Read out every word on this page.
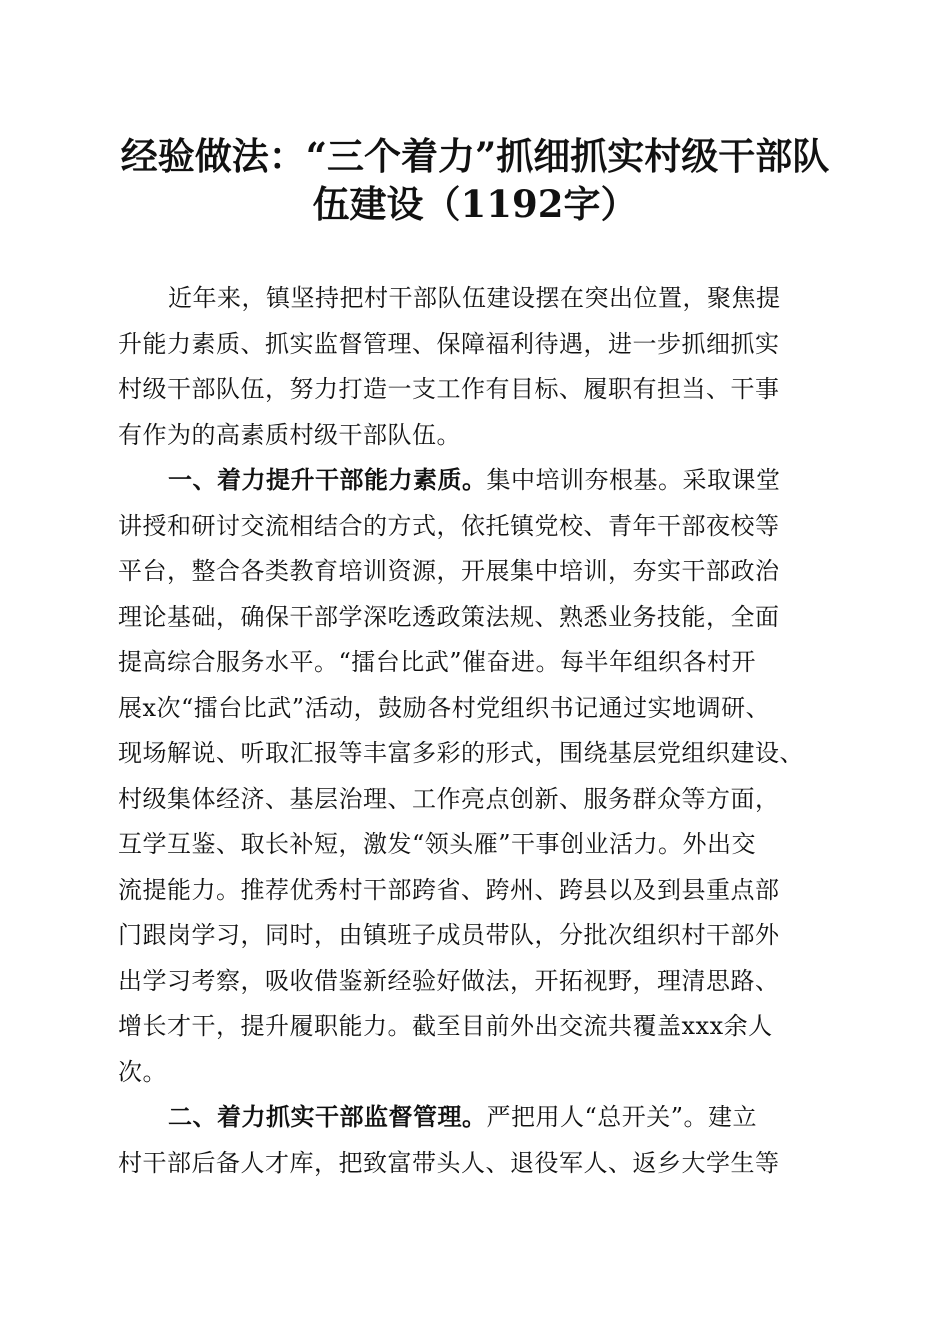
经验做法：“三个着力”抓细抓实村级干部队
伍建设（1192字）
近年来，镇坚持把村干部队伍建设摆在突出位置，聚焦提
升能力素质、抓实监督管理、保障福利待遇，进一步抓细抓实
村级干部队伍，努力打造一支工作有目标、履职有担当、干事
有作为的高素质村级干部队伍。
一、着力提升干部能力素质。集中培训夯根基。采取课堂
讲授和研讨交流相结合的方式，依托镇党校、青年干部夜校等
平台，整合各类教育培训资源，开展集中培训，夯实干部政治
理论基础，确保干部学深吃透政策法规、熟悉业务技能，全面
提高综合服务水平。“擂台比武”催奋进。每半年组织各村开
展x次“擂台比武”活动，鼓励各村党组织书记通过实地调研、
现场解说、听取汇报等丰富多彩的形式，围绕基层党组织建设、
村级集体经济、基层治理、工作亮点创新、服务群众等方面，
互学互鉴、取长补短，激发“领头雁”干事创业活力。外出交
流提能力。推荐优秀村干部跨省、跨州、跨县以及到县重点部
门跟岗学习，同时，由镇班子成员带队，分批次组织村干部外
出学习考察，吸收借鉴新经验好做法，开拓视野，理清思路、
增长才干，提升履职能力。截至目前外出交流共覆盖xxx余人
次。
二、着力抓实干部监督管理。严把用人“总开关”。建立
村干部后备人才库，把致富带头人、退役军人、返乡大学生等
